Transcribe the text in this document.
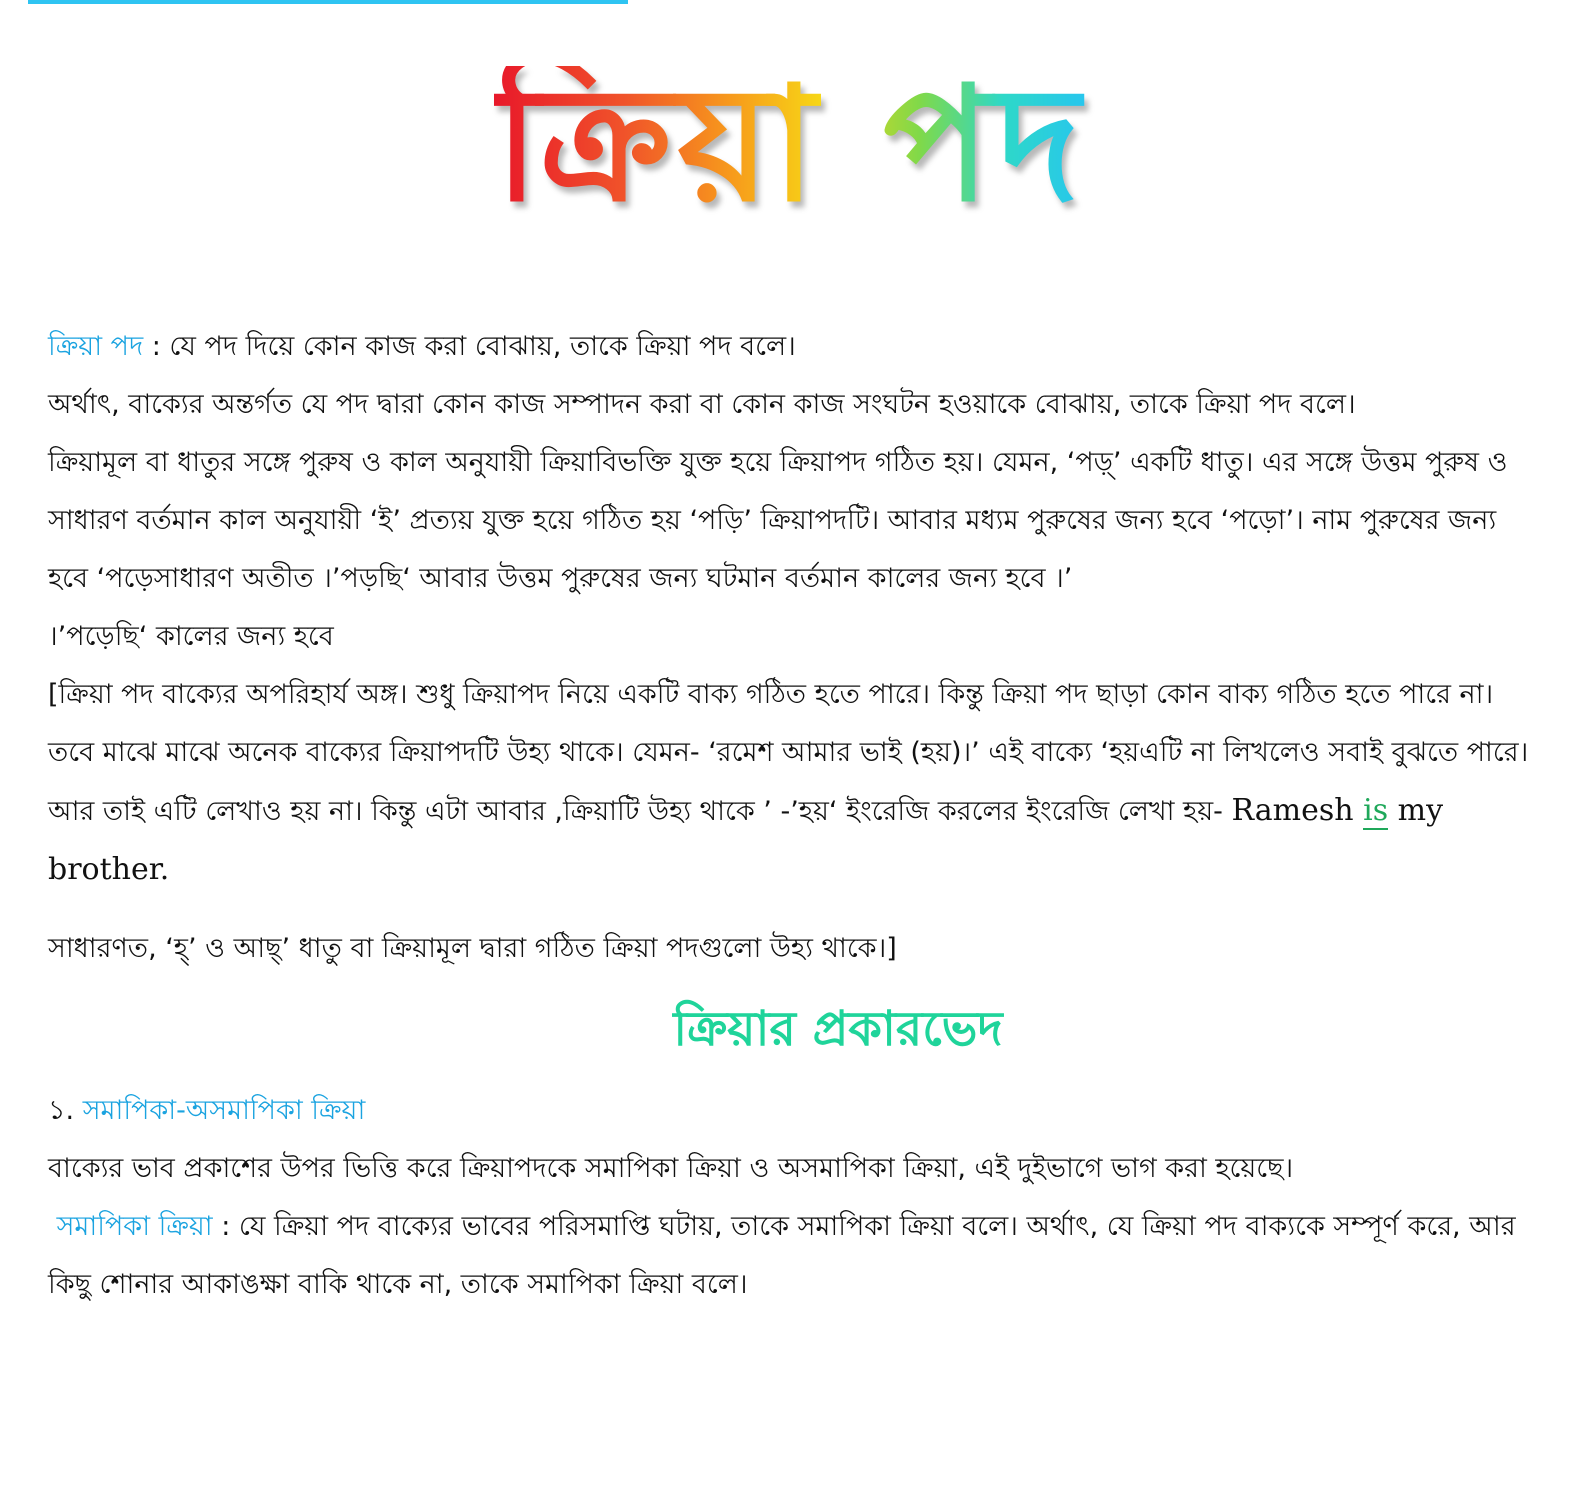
ক্রিয়া পদ

ক্রিয়া পদ : যে পদ দিয়ে কোন কাজ করা বোঝায়, তাকে ক্রিয়া পদ বলে।

অর্থাৎ, বাক্যের অন্তর্গত যে পদ দ্বারা কোন কাজ সম্পাদন করা বা কোন কাজ সংঘটন হওয়াকে বোঝায়, তাকে ক্রিয়া পদ বলে।

ক্রিয়ামূল বা ধাতুর সঙ্গে পুরুষ ও কাল অনুযায়ী ক্রিয়াবিভক্তি যুক্ত হয়ে ক্রিয়াপদ গঠিত হয়। যেমন, ‘পড়্’ একটি ধাতু। এর সঙ্গে উত্তম পুরুষ ও সাধারণ বর্তমান কাল অনুযায়ী ‘ই’ প্রত্যয় যুক্ত হয়ে গঠিত হয় ‘পড়ি’ ক্রিয়াপদটি। আবার মধ্যম পুরুষের জন্য হবে ‘পড়ো’। নাম পুরুষের জন্য হবে ‘পড়েসাধারণ অতীত ।’পড়ছি‘ আবার উত্তম পুরুষের জন্য ঘটমান বর্তমান কালের জন্য হবে ।’

।’পড়েছি‘ কালের জন্য হবে

[ক্রিয়া পদ বাক্যের অপরিহার্য অঙ্গ। শুধু ক্রিয়াপদ নিয়ে একটি বাক্য গঠিত হতে পারে। কিন্তু ক্রিয়া পদ ছাড়া কোন বাক্য গঠিত হতে পারে না। তবে মাঝে মাঝে অনেক বাক্যের ক্রিয়াপদটি উহ্য থাকে। যেমন- ‘রমেশ আমার ভাই (হয়)।’ এই বাক্যে ‘হয়এটি না লিখলেও সবাই বুঝতে পারে। আর তাই এটি লেখাও হয় না। কিন্তু এটা আবার ,ক্রিয়াটি উহ্য থাকে ’ -’হয়‘ ইংরেজি করলের ইংরেজি লেখা হয়- Ramesh is my brother.

সাধারণত, ‘হ্’ ও আছ্’ ধাতু বা ক্রিয়ামূল দ্বারা গঠিত ক্রিয়া পদগুলো উহ্য থাকে।]

ক্রিয়ার প্রকারভেদ

১. সমাপিকা-অসমাপিকা ক্রিয়া

বাক্যের ভাব প্রকাশের উপর ভিত্তি করে ক্রিয়াপদকে সমাপিকা ক্রিয়া ও অসমাপিকা ক্রিয়া, এই দুইভাগে ভাগ করা হয়েছে।

সমাপিকা ক্রিয়া : যে ক্রিয়া পদ বাক্যের ভাবের পরিসমাপ্তি ঘটায়, তাকে সমাপিকা ক্রিয়া বলে। অর্থাৎ, যে ক্রিয়া পদ বাক্যকে সম্পূর্ণ করে, আর কিছু শোনার আকাঙক্ষা বাকি থাকে না, তাকে সমাপিকা ক্রিয়া বলে।
